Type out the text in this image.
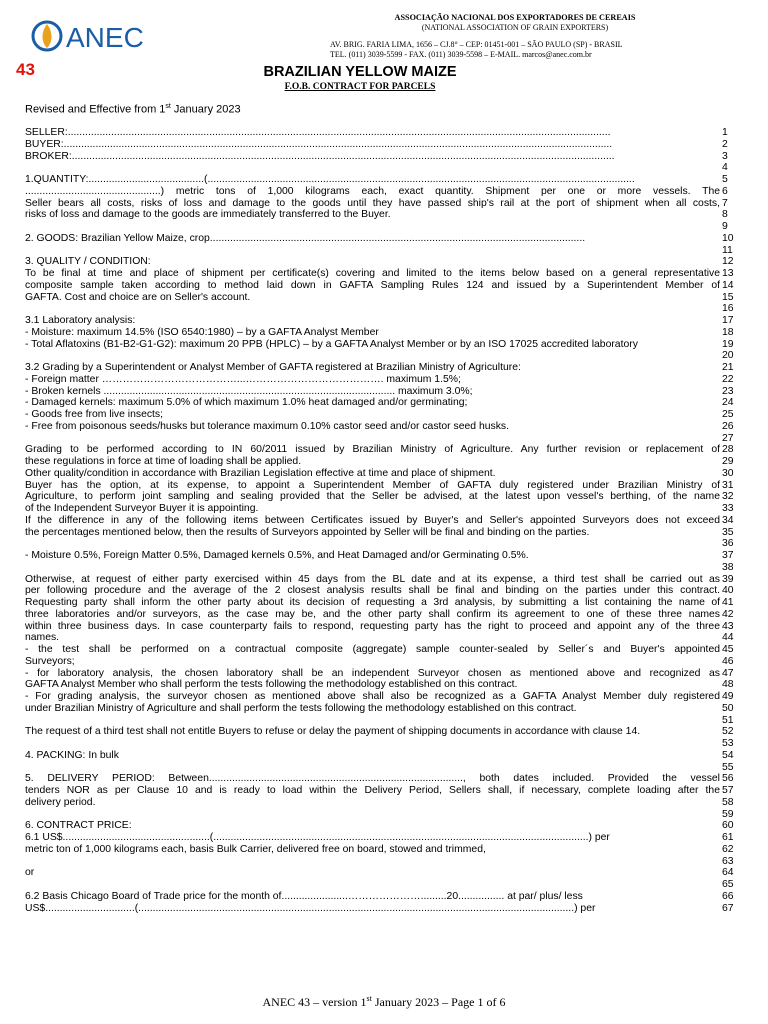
ANEC
ASSOCIAÇÃO NACIONAL DOS EXPORTADORES DE CEREAIS
(NATIONAL ASSOCIATION OF GRAIN EXPORTERS)
AV. BRIG. FARIA LIMA, 1656 – CJ.8° – CEP: 01451-001 – SÃO PAULO (SP) - BRASIL
TEL. (011) 3039-5599 - FAX. (011) 3039-5598 – E-MAIL. marcos@anec.com.br
43	BRAZILIAN YELLOW MAIZE
F.O.B. CONTRACT FOR PARCELS
Revised and Effective from 1st January 2023
SELLER:............................................................................................................................................................................................
BUYER:..............................................................................................................................................................................................
BROKER:............................................................................................................................................................................................
1.QUANTITY:........................................(....................................................................................................................................................
...............................................) metric tons of 1,000 kilograms each, exact quantity. Shipment per one or more vessels. The
Seller bears all costs, risks of loss and damage to the goods until they have passed ship's rail at the port of shipment when all costs,
risks of loss and damage to the goods are immediately transferred to the Buyer.
2. GOODS: Brazilian Yellow Maize, crop..................................................................................................................................
3. QUALITY / CONDITION:
To be final at time and place of shipment per certificate(s) covering and limited to the items below based on a general representative
composite sample taken according to method laid down in GAFTA Sampling Rules 124 and issued by a Superintendent Member of
GAFTA. Cost and choice are on Seller's account.
3.1 Laboratory analysis:
- Moisture: maximum 14.5% (ISO 6540:1980) – by a GAFTA Analyst Member
- Total Aflatoxins (B1-B2-G1-G2): maximum 20 PPB (HPLC) – by a GAFTA Analyst Member or by an ISO 17025 accredited laboratory
3.2 Grading by a Superintendent or Analyst Member of GAFTA registered at Brazilian Ministry of Agriculture:
- Foreign matter …………………………………...…………………………………. maximum 1.5%;
- Broken kernels ..................................................................................................... maximum 3.0%;
- Damaged kernels: maximum 5.0% of which maximum 1.0% heat damaged and/or germinating;
- Goods free from live insects;
- Free from poisonous seeds/husks but tolerance maximum 0.10% castor seed and/or castor seed husks.
Grading to be performed according to IN 60/2011 issued by Brazilian Ministry of Agriculture. Any further revision or replacement of
these regulations in force at time of loading shall be applied.
Other quality/condition in accordance with Brazilian Legislation effective at time and place of shipment.
Buyer has the option, at its expense, to appoint a Superintendent Member of GAFTA duly registered under Brazilian Ministry of
Agriculture, to perform joint sampling and sealing provided that the Seller be advised, at the latest upon vessel's berthing, of the name
of the Independent Surveyor Buyer it is appointing.
If the difference in any of the following items between Certificates issued by Buyer's and Seller's appointed Surveyors does not exceed
the percentages mentioned below, then the results of Surveyors appointed by Seller will be final and binding on the parties.
- Moisture 0.5%, Foreign Matter 0.5%, Damaged kernels 0.5%, and Heat Damaged and/or Germinating 0.5%.
Otherwise, at request of either party exercised within 45 days from the BL date and at its expense, a third test shall be carried out as
per following procedure and the average of the 2 closest analysis results shall be final and binding on the parties under this contract.
Requesting party shall inform the other party about its decision of requesting a 3rd analysis, by submitting a list containing the name of
three laboratories and/or surveyors, as the case may be, and the other party shall confirm its agreement to one of these three names
within three business days. In case counterparty fails to respond, requesting party has the right to proceed and appoint any of the three
names.
- the test shall be performed on a contractual composite (aggregate) sample counter-sealed by Seller´s and Buyer's appointed
Surveyors;
- for laboratory analysis, the chosen laboratory shall be an independent Surveyor chosen as mentioned above and recognized as
GAFTA Analyst Member who shall perform the tests following the methodology established on this contract.
- For grading analysis, the surveyor chosen as mentioned above shall also be recognized as a GAFTA Analyst Member duly registered
under Brazilian Ministry of Agriculture and shall perform the tests following the methodology established on this contract.
The request of a third test shall not entitle Buyers to refuse or delay the payment of shipping documents in accordance with clause 14.
4. PACKING: In bulk
5. DELIVERY PERIOD: Between........................................................................................, both dates included. Provided the vessel
tenders NOR as per Clause 10 and is ready to load within the Delivery Period, Sellers shall, if necessary, complete loading after the
delivery period.
6. CONTRACT PRICE:
6.1 US$...................................................(..................................................................................................................................) per
metric ton of 1,000 kilograms each, basis Bulk Carrier, delivered free on board, stowed and trimmed,
or
6.2 Basis Chicago Board of Trade price for the month of.......................………………….........20................ at par/ plus/ less
US$...............................(.......................................................................................................................................................) per
1
2
3
4
5
6
7
8
9
10
11
12
13
14
15
16
17
18
19
20
21
22
23
24
25
26
27
28
29
30
31
32
33
34
35
36
37
38
39
40
41
42
43
44
45
46
47
48
49
50
51
52
53
54
55
56
57
58
59
60
61
62
63
64
65
66
67
ANEC 43 – version 1st January 2023 – Page 1 of 6
